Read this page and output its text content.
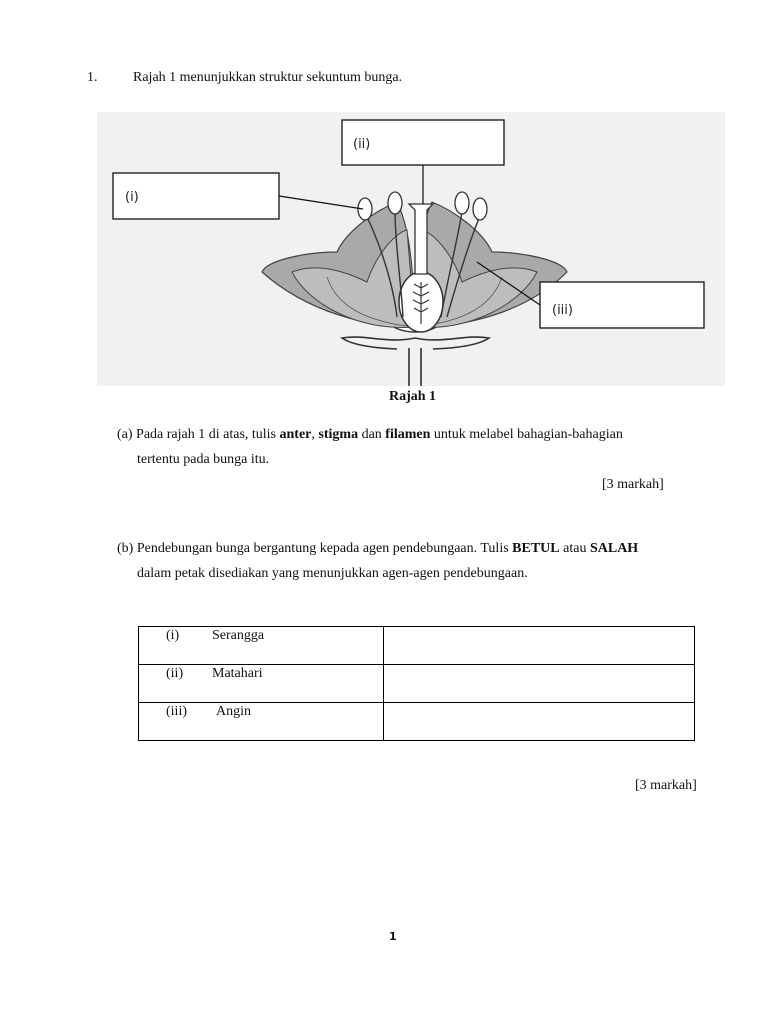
1.	Rajah 1 menunjukkan struktur sekuntum bunga.
(ii)
(i)
(iii)
Rajah 1
(a) Pada rajah 1 di atas, tulis anter, stigma dan filamen untuk melabel bahagian-bahagian
tertentu pada bunga itu.
[3 markah]
(b) Pendebungan bunga bergantung kepada agen pendebungaan. Tulis BETUL atau SALAH
dalam petak disediakan yang menunjukkan agen-agen pendebungaan.
(i) Serangga	
(ii) Matahari	
(iii) Angin	
[3 markah]
1
